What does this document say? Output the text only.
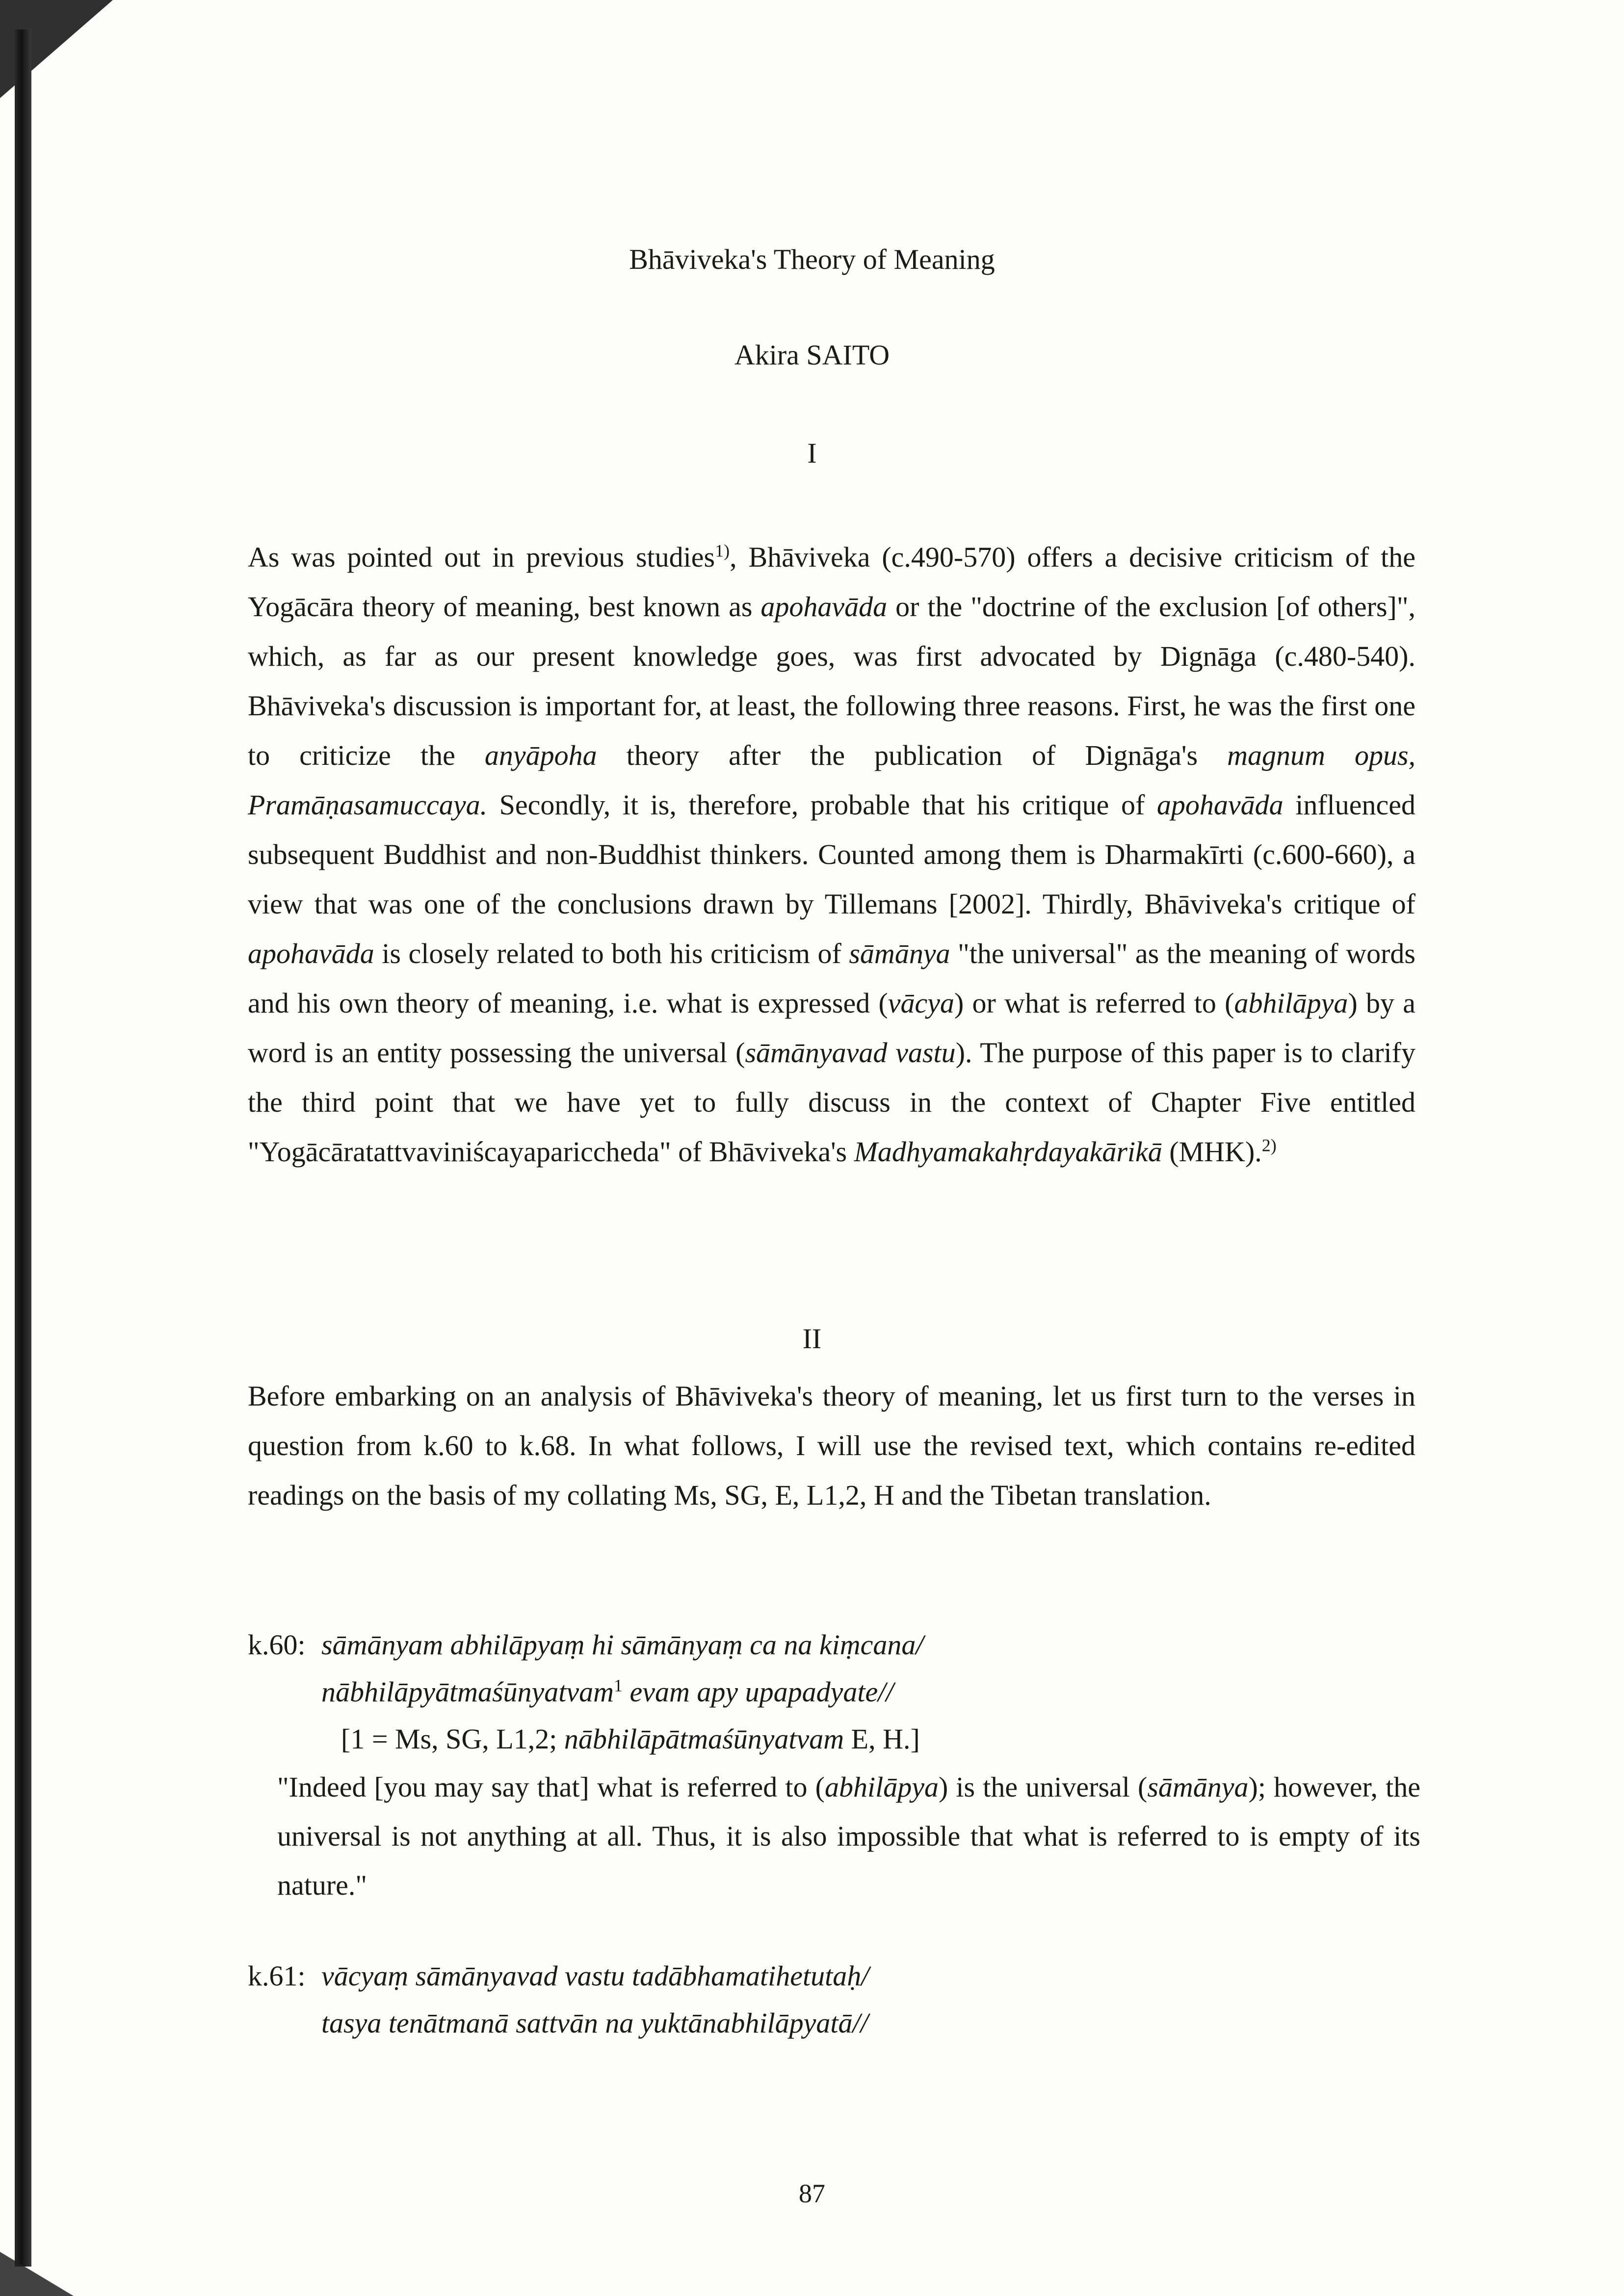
Bhāviveka's Theory of Meaning
Akira SAITO
I
As was pointed out in previous studies$^{1)}$, Bhāviveka (c.490-570) offers a decisive criticism of the Yogācāra theory of meaning, best known as apohavāda or the "doctrine of the exclusion [of others]", which, as far as our present knowledge goes, was first advocated by Dignāga (c.480-540). Bhāviveka's discussion is important for, at least, the following three reasons. First, he was the first one to criticize the anyāpoha theory after the publication of Dignāga's magnum opus, Pramāṇasamuccaya. Secondly, it is, therefore, probable that his critique of apohavāda influenced subsequent Buddhist and non-Buddhist thinkers. Counted among them is Dharmakīrti (c.600-660), a view that was one of the conclusions drawn by Tillemans [2002]. Thirdly, Bhāviveka's critique of apohavāda is closely related to both his criticism of sāmānya "the universal" as the meaning of words and his own theory of meaning, i.e. what is expressed (vācya) or what is referred to (abhilāpya) by a word is an entity possessing the universal (sāmānyavad vastu). The purpose of this paper is to clarify the third point that we have yet to fully discuss in the context of Chapter Five entitled "Yogācāratattvaviniścayapariccheda" of Bhāviveka's Madhyamakahṛdayakārikā (MHK).$^{2)}$
II
Before embarking on an analysis of Bhāviveka's theory of meaning, let us first turn to the verses in question from k.60 to k.68. In what follows, I will use the revised text, which contains re-edited readings on the basis of my collating Ms, SG, E, L1,2, H and the Tibetan translation.
k.60: sāmānyam abhilāpyaṃ hi sāmānyaṃ ca na kiṃcana/
nābhilāpyātmaśūnyatvam$^1$ evam apy upapadyate//
[1 = Ms, SG, L1,2; nābhilāpātmaśūnyatvam E, H.]
"Indeed [you may say that] what is referred to (abhilāpya) is the universal (sāmānya); however, the universal is not anything at all. Thus, it is also impossible that what is referred to is empty of its nature."
k.61: vācyaṃ sāmānyavad vastu tadābhamatihetutaḥ/
tasya tenātmanā sattvān na yuktānabhilāpyatā//
87
